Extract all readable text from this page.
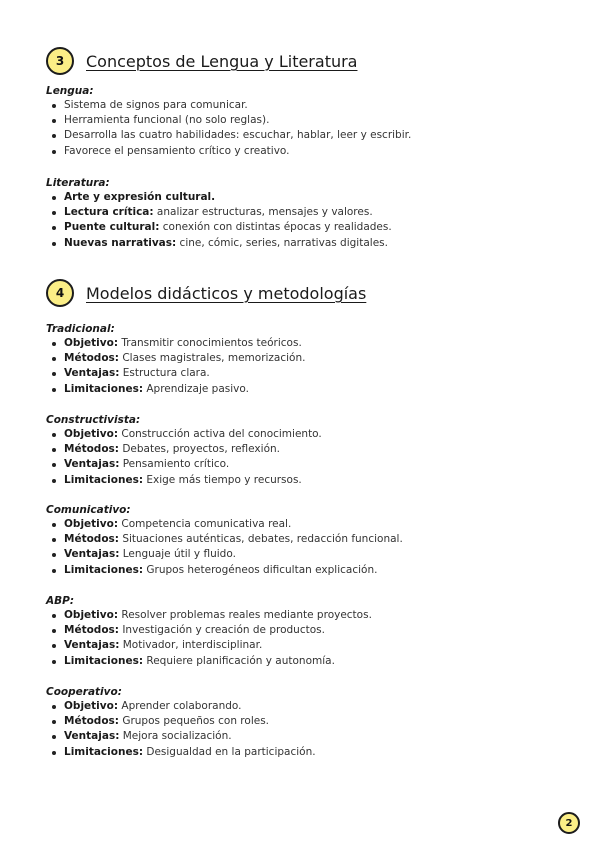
3	Conceptos de Lengua y Literatura

Lengua:

Sistema de signos para comunicar.
Herramienta funcional (no solo reglas).
Desarrolla las cuatro habilidades: escuchar, hablar, leer y escribir.
Favorece el pensamiento crítico y creativo.

Literatura:

Arte y expresión cultural.
Lectura crítica: analizar estructuras, mensajes y valores.
Puente cultural: conexión con distintas épocas y realidades.
Nuevas narrativas: cine, cómic, series, narrativas digitales.
4	Modelos didácticos y metodologías

Tradicional:

Objetivo: Transmitir conocimientos teóricos.
Métodos: Clases magistrales, memorización.
Ventajas: Estructura clara.
Limitaciones: Aprendizaje pasivo.

Constructivista:

Objetivo: Construcción activa del conocimiento.
Métodos: Debates, proyectos, reflexión.
Ventajas: Pensamiento crítico.
Limitaciones: Exige más tiempo y recursos.

Comunicativo:

Objetivo: Competencia comunicativa real.
Métodos: Situaciones auténticas, debates, redacción funcional.
Ventajas: Lenguaje útil y fluido.
Limitaciones: Grupos heterogéneos dificultan explicación.

ABP:

Objetivo: Resolver problemas reales mediante proyectos.
Métodos: Investigación y creación de productos.
Ventajas: Motivador, interdisciplinar.
Limitaciones: Requiere planificación y autonomía.

Cooperativo:

Objetivo: Aprender colaborando.
Métodos: Grupos pequeños con roles.
Ventajas: Mejora socialización.
Limitaciones: Desigualdad en la participación.
2
